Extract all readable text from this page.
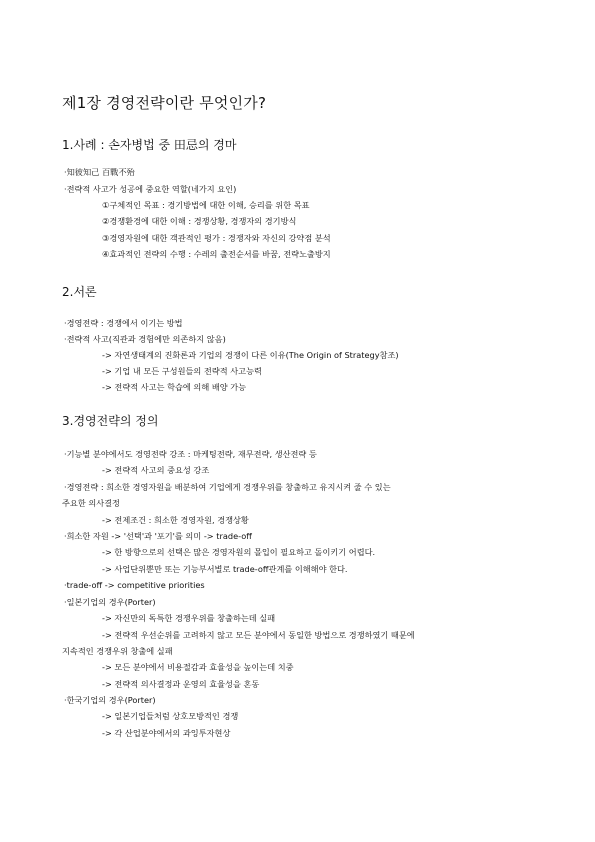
제1장 경영전략이란 무엇인가?
1.사례 : 손자병법 중 田忌의 경마

·知彼知己 百戰不殆

·전략적 사고가 성공에 중요한 역할(네가지 요인)

①구체적인 목표 : 경기방법에 대한 이해, 승리를 위한 목표

②경쟁환경에 대한 이해 : 경쟁상황, 경쟁자의 경기방식

③경영자원에 대한 객관적인 평가 : 경쟁자와 자신의 강약점 분석

④효과적인 전략의 수행 : 수레의 출전순서를 바꿈, 전략노출방지

2.서론

·경영전략 : 경쟁에서 이기는 방법

·전략적 사고(직관과 경험에만 의존하지 않음)

-> 자연생태계의 진화론과 기업의 경쟁이 다른 이유(The Origin of Strategy참조)

-> 기업 내 모든 구성원들의 전략적 사고능력

-> 전략적 사고는 학습에 의해 배양 가능

3.경영전략의 정의

·기능별 분야에서도 경영전략 강조 : 마케팅전략, 재무전략, 생산전략 등

-> 전략적 사고의 중요성 강조

·경영전략 : 희소한 경영자원을 배분하여 기업에게 경쟁우위를 창출하고 유지시켜 줄 수 있는

주요한 의사결정

-> 전제조건 : 희소한 경영자원, 경쟁상황

·희소한 자원 -> '선택'과 '포기'를 의미 -> trade-off

-> 한 방향으로의 선택은 많은 경영자원의 몰입이 필요하고 돌이키기 어렵다.

-> 사업단위뿐만 또는 기능부서별로 trade-off관계를 이해해야 한다.

·trade-off -> competitive priorities

·일본기업의 경우(Porter)

-> 자신만의 독특한 경쟁우위를 창출하는데 실패

-> 전략적 우선순위를 고려하지 않고 모든 분야에서 동일한 방법으로 경쟁하였기 때문에

지속적인 경쟁우위 창출에 실패

-> 모든 분야에서 비용절감과 효율성을 높이는데 치중

-> 전략적 의사결정과 운영의 효율성을 혼동

·한국기업의 경우(Porter)

-> 일본기업들처럼 상호모방적인 경쟁

-> 각 산업분야에서의 과잉투자현상
